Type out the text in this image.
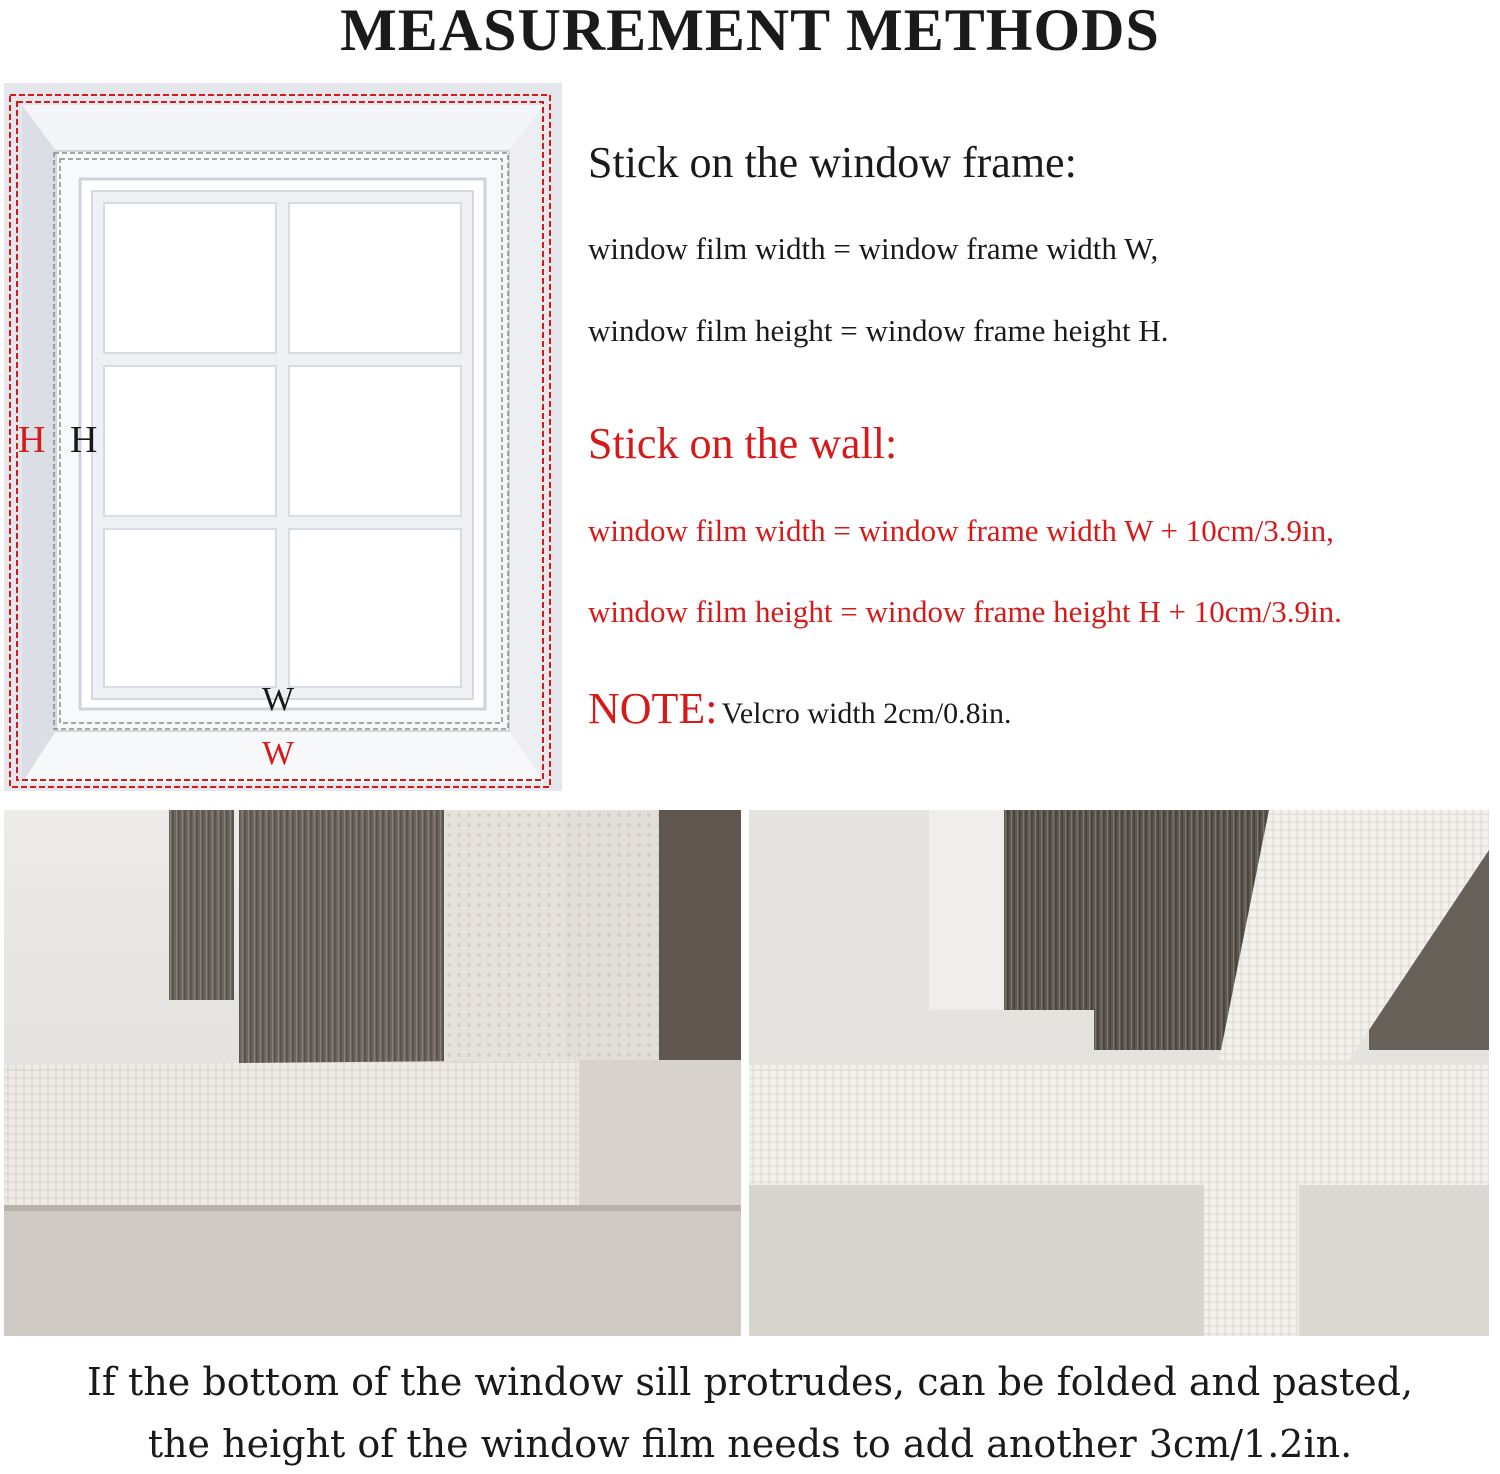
MEASUREMENT METHODS
H H
W
W
Stick on the window frame:
window film width = window frame width W,
window film height = window frame height H.
Stick on the wall:
window film width = window frame width W + 10cm/3.9in,
window film height = window frame height H + 10cm/3.9in.
NOTE: Velcro width 2cm/0.8in.
If the bottom of the window sill protrudes, can be folded and pasted,
the height of the window film needs to add another 3cm/1.2in.
